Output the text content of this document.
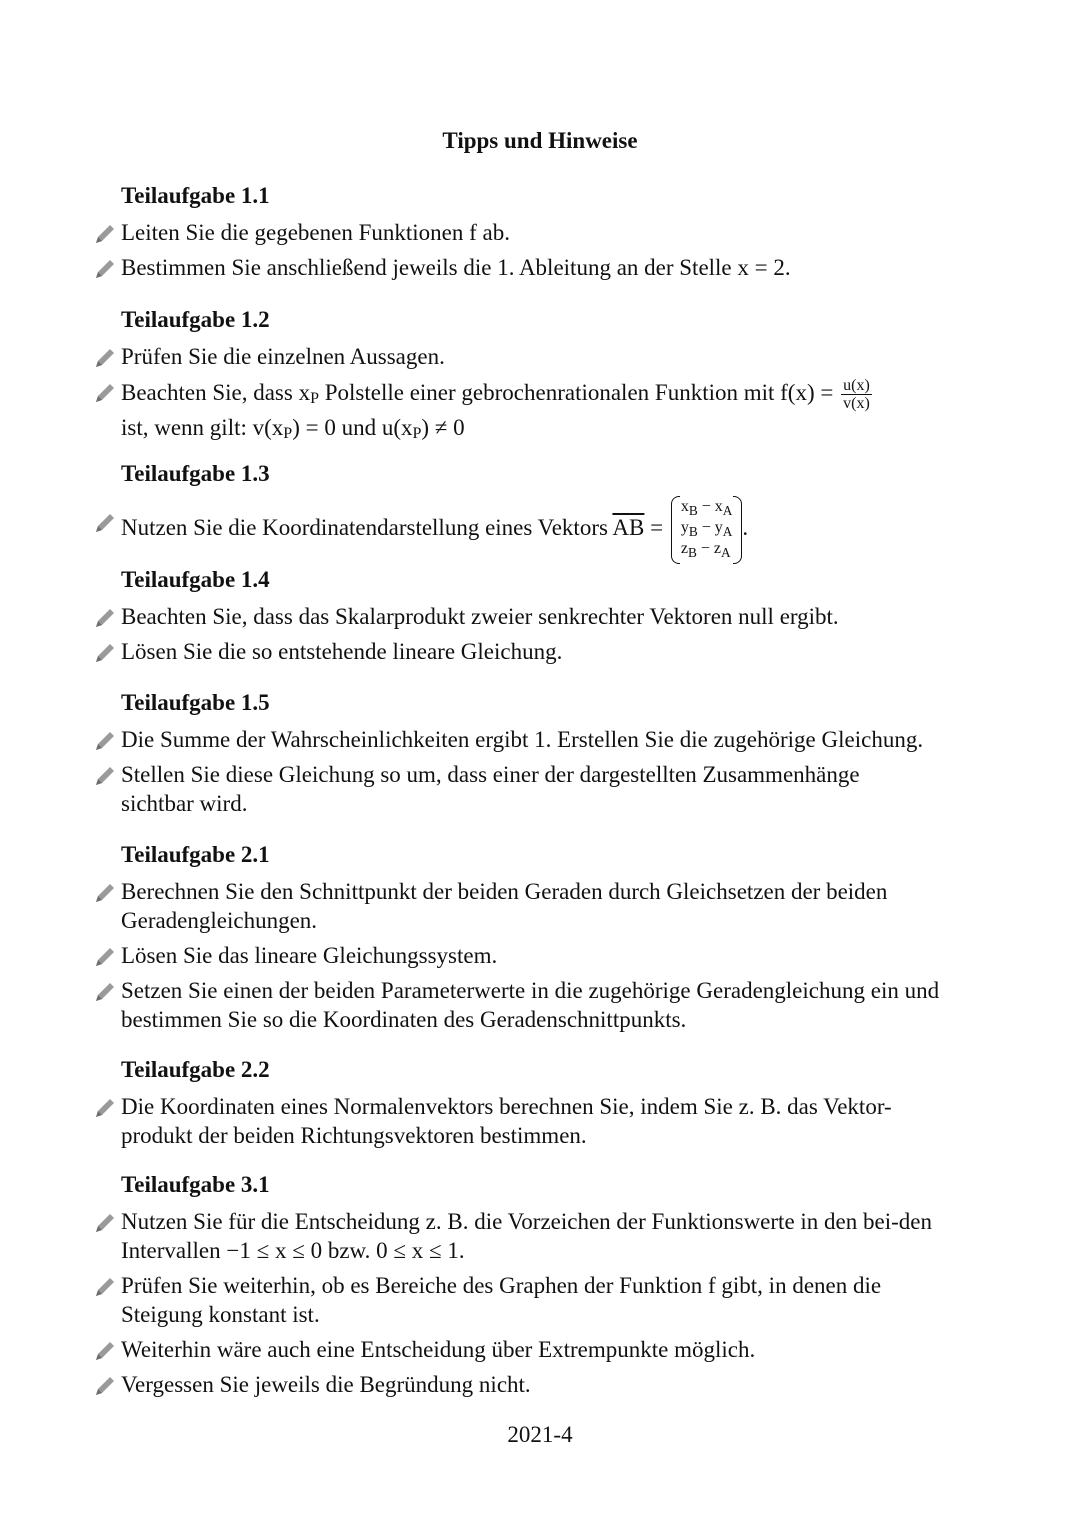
Tipps und Hinweise
Teilaufgabe 1.1
Leiten Sie die gegebenen Funktionen f ab.
Bestimmen Sie anschließend jeweils die 1. Ableitung an der Stelle x = 2.
Teilaufgabe 1.2
Prüfen Sie die einzelnen Aussagen.
Beachten Sie, dass $x_P$ Polstelle einer gebrochenrationalen Funktion mit $f(x) = \frac{u(x)}{v(x)}$

ist, wenn gilt: $v(x_P) = 0$ und $u(x_P) \ne 0$
Teilaufgabe 1.3
Nutzen Sie die Koordinatendarstellung eines Vektors $\overline{AB}$ =
$x_B - x_A$
$y_B - y_A$
$z_B - z_A$
.
Teilaufgabe 1.4
Beachten Sie, dass das Skalarprodukt zweier senkrechter Vektoren null ergibt.
Lösen Sie die so entstehende lineare Gleichung.
Teilaufgabe 1.5
Die Summe der Wahrscheinlichkeiten ergibt 1. Erstellen Sie die zugehörige Gleichung.
Stellen Sie diese Gleichung so um, dass einer der dargestellten Zusammenhänge sichtbar wird.
Teilaufgabe 2.1
Berechnen Sie den Schnittpunkt der beiden Geraden durch Gleichsetzen der beiden Geradengleichungen.
Lösen Sie das lineare Gleichungssystem.
Setzen Sie einen der beiden Parameterwerte in die zugehörige Geradengleichung ein und bestimmen Sie so die Koordinaten des Geradenschnittpunkts.
Teilaufgabe 2.2
Die Koordinaten eines Normalenvektors berechnen Sie, indem Sie z. B. das Vektor-produkt der beiden Richtungsvektoren bestimmen.
Teilaufgabe 3.1
Nutzen Sie für die Entscheidung z. B. die Vorzeichen der Funktionswerte in den bei-den Intervallen −1 ≤ x ≤ 0 bzw. 0 ≤ x ≤ 1.
Prüfen Sie weiterhin, ob es Bereiche des Graphen der Funktion f gibt, in denen die Steigung konstant ist.
Weiterhin wäre auch eine Entscheidung über Extrempunkte möglich.
Vergessen Sie jeweils die Begründung nicht.
2021-4
